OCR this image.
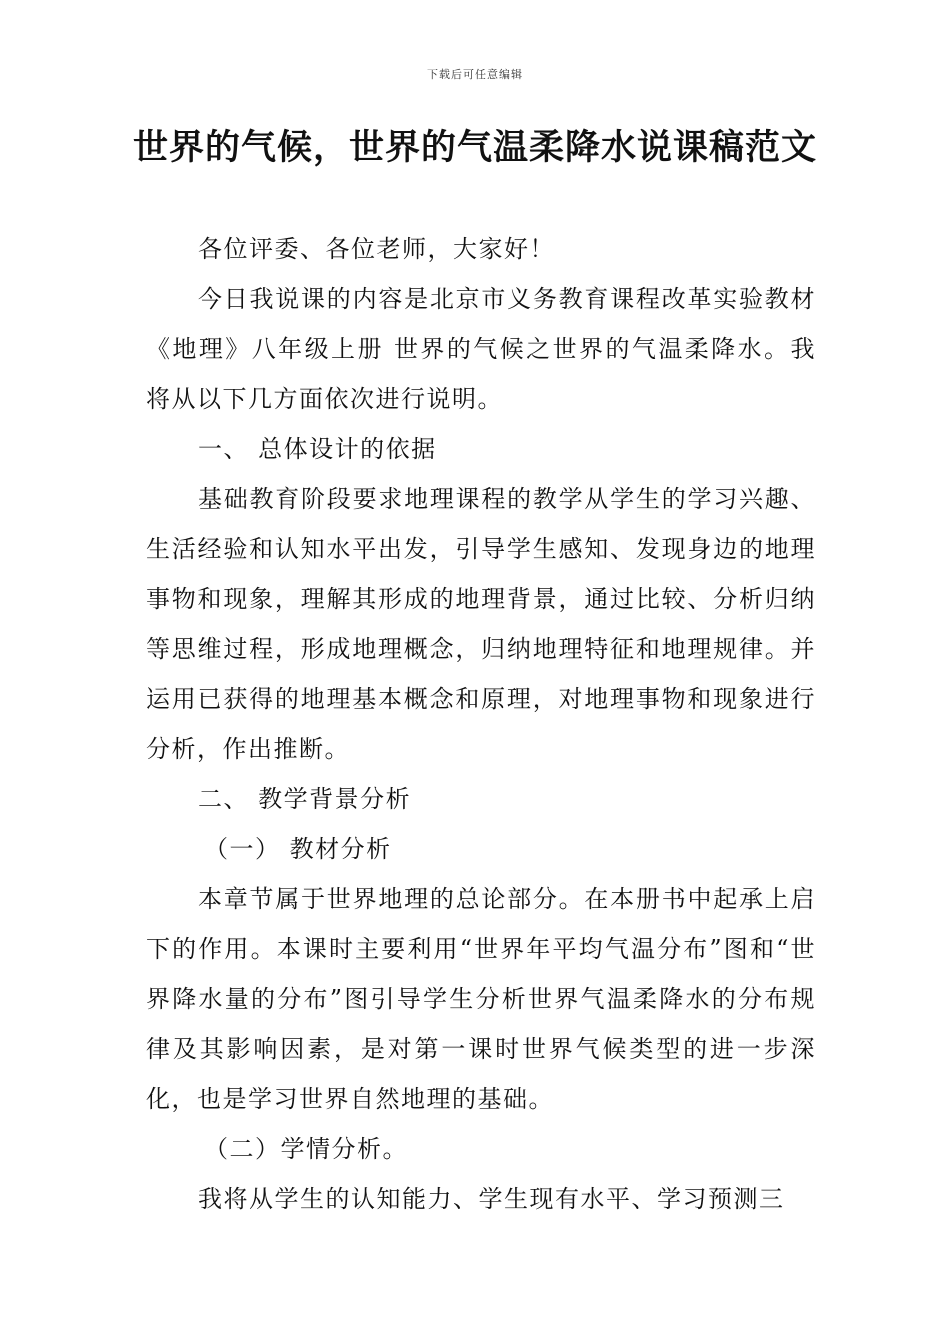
下载后可任意编辑
世界的气候，世界的气温柔降水说课稿范文

各位评委、各位老师，大家好！

今日我说课的内容是北京市义务教育课程改革实验教材《地理》八年级上册 世界的气候之世界的气温柔降水。我将从以下几方面依次进行说明。

一、 总体设计的依据

基础教育阶段要求地理课程的教学从学生的学习兴趣、生活经验和认知水平出发，引导学生感知、发现身边的地理事物和现象，理解其形成的地理背景，通过比较、分析归纳等思维过程，形成地理概念，归纳地理特征和地理规律。并运用已获得的地理基本概念和原理，对地理事物和现象进行分析，作出推断。

二、 教学背景分析

（一） 教材分析

本章节属于世界地理的总论部分。在本册书中起承上启下的作用。本课时主要利用“世界年平均气温分布”图和“世界降水量的分布”图引导学生分析世界气温柔降水的分布规律及其影响因素，是对第一课时世界气候类型的进一步深化，也是学习世界自然地理的基础。

（二）学情分析。

我将从学生的认知能力、学生现有水平、学习预测三
